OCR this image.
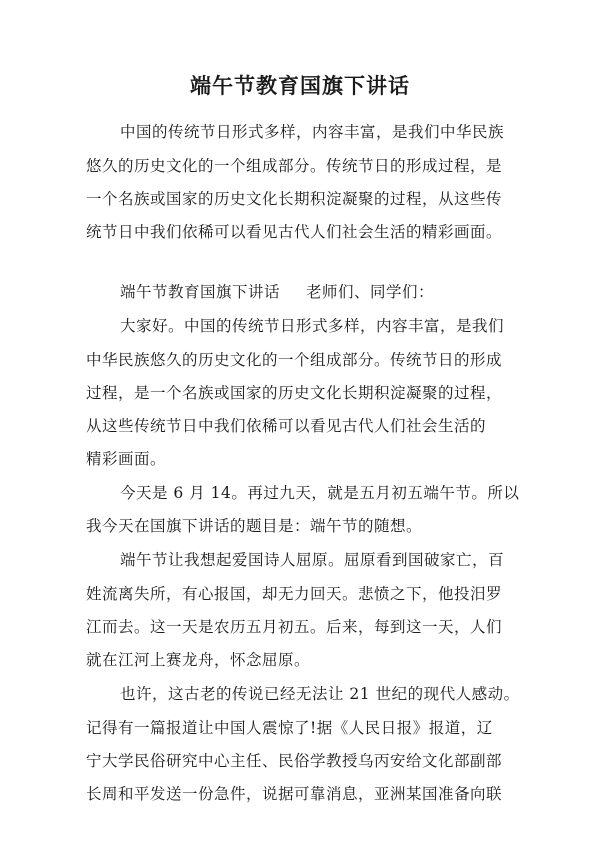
端午节教育国旗下讲话

中国的传统节日形式多样，内容丰富，是我们中华民族

悠久的历史文化的一个组成部分。传统节日的形成过程，是

一个名族或国家的历史文化长期积淀凝聚的过程，从这些传

统节日中我们依稀可以看见古代人们社会生活的精彩画面。

端午节教育国旗下讲话 老师们、同学们：

大家好。中国的传统节日形式多样，内容丰富，是我们

中华民族悠久的历史文化的一个组成部分。传统节日的形成

过程，是一个名族或国家的历史文化长期积淀凝聚的过程，

从这些传统节日中我们依稀可以看见古代人们社会生活的

精彩画面。

今天是 6 月 14。再过九天，就是五月初五端午节。所以

我今天在国旗下讲话的题目是：端午节的随想。

端午节让我想起爱国诗人屈原。屈原看到国破家亡，百

姓流离失所，有心报国，却无力回天。悲愤之下，他投汨罗

江而去。这一天是农历五月初五。后来，每到这一天，人们

就在江河上赛龙舟，怀念屈原。

也许，这古老的传说已经无法让 21 世纪的现代人感动。

记得有一篇报道让中国人震惊了!据《人民日报》报道，辽

宁大学民俗研究中心主任、民俗学教授乌丙安给文化部副部

长周和平发送一份急件，说据可靠消息，亚洲某国准备向联
